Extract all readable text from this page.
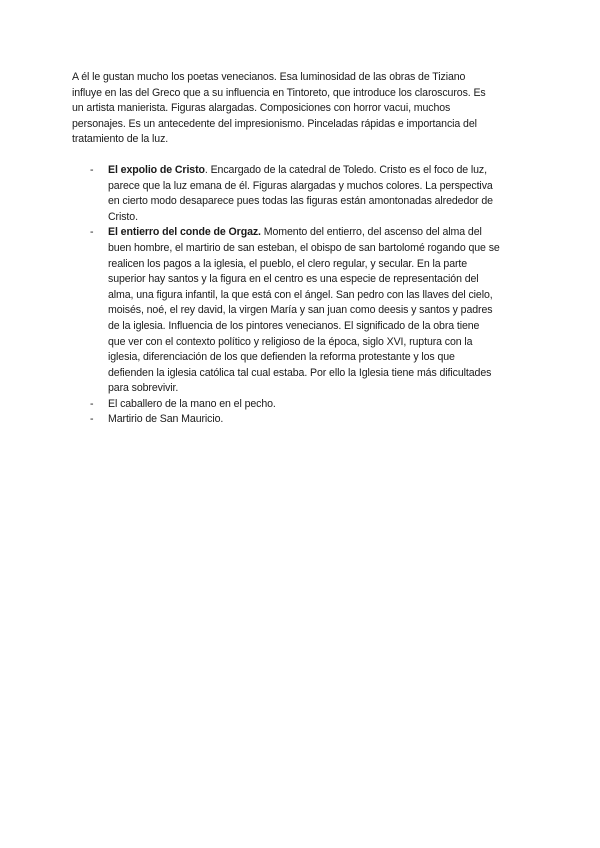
A él le gustan mucho los poetas venecianos. Esa luminosidad de las obras de Tiziano
influye en las del Greco que a su influencia en Tintoreto, que introduce los claroscuros. Es
un artista manierista. Figuras alargadas. Composiciones con horror vacui, muchos
personajes. Es un antecedente del impresionismo. Pinceladas rápidas e importancia del
tratamiento de la luz.

- El expolio de Cristo. Encargado de la catedral de Toledo. Cristo es el foco de luz,
parece que la luz emana de él. Figuras alargadas y muchos colores. La perspectiva
en cierto modo desaparece pues todas las figuras están amontonadas alrededor de
Cristo.
- El entierro del conde de Orgaz. Momento del entierro, del ascenso del alma del
buen hombre, el martirio de san esteban, el obispo de san bartolomé rogando que se
realicen los pagos a la iglesia, el pueblo, el clero regular, y secular. En la parte
superior hay santos y la figura en el centro es una especie de representación del
alma, una figura infantil, la que está con el ángel. San pedro con las llaves del cielo,
moisés, noé, el rey david, la virgen María y san juan como deesis y santos y padres
de la iglesia. Influencia de los pintores venecianos. El significado de la obra tiene
que ver con el contexto político y religioso de la época, siglo XVI, ruptura con la
iglesia, diferenciación de los que defienden la reforma protestante y los que
defienden la iglesia católica tal cual estaba. Por ello la Iglesia tiene más dificultades
para sobrevivir.
- El caballero de la mano en el pecho.
- Martirio de San Mauricio.
